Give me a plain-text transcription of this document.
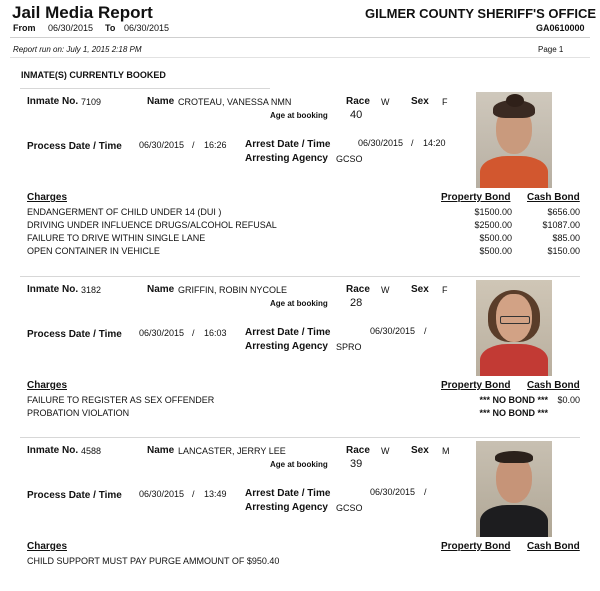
Jail Media Report
From 06/30/2015 To 06/30/2015
GILMER COUNTY SHERIFF'S OFFICE
GA0610000
Report run on: July 1, 2015 2:18 PM	Page 1
INMATE(S) CURRENTLY BOOKED
Inmate No. 7109	Name CROTEAU, VANESSA NMN	Race W Sex F
Age at booking 40
Process Date / Time 06/30/2015 / 16:26 Arrest Date / Time	06/30/2015 / 14:20
Arresting Agency GCSO
Charges	Property Bond Cash Bond
ENDANGERMENT OF CHILD UNDER 14 (DUI )	$1500.00	$656.00
DRIVING UNDER INFLUENCE DRUGS/ALCOHOL REFUSAL	$2500.00	$1087.00
FAILURE TO DRIVE WITHIN SINGLE LANE	$500.00	$85.00
OPEN CONTAINER IN VEHICLE	$500.00	$150.00
Inmate No. 3182	Name GRIFFIN, ROBIN NYCOLE	Race W Sex F
Age at booking 28
Process Date / Time 06/30/2015 / 16:03 Arrest Date / Time	06/30/2015 /
Arresting Agency SPRO
Charges	Property Bond Cash Bond
FAILURE TO REGISTER AS SEX OFFENDER	*** NO BOND *** $0.00
PROBATION VIOLATION	*** NO BOND ***
Inmate No. 4588	Name LANCASTER, JERRY LEE	Race W Sex M
Age at booking 39
Process Date / Time 06/30/2015 / 13:49 Arrest Date / Time	06/30/2015 /
Arresting Agency GCSO
Charges	Property Bond Cash Bond
CHILD SUPPORT MUST PAY PURGE AMMOUNT OF $950.40
